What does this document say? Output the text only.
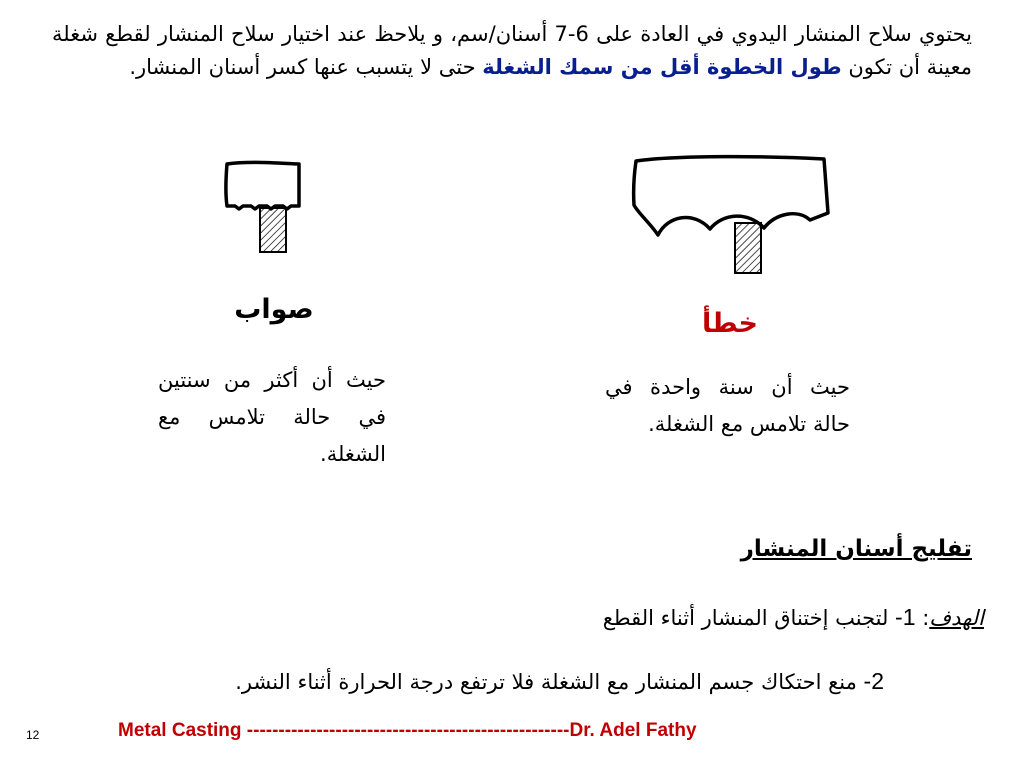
يحتوي سلاح المنشار اليدوي في العادة على 6-7 أسنان/سم، و يلاحظ عند اختيار سلاح المنشار لقطع شغلة معينة أن تكون طول الخطوة أقل من سمك الشغلة حتى لا يتسبب عنها كسر أسنان المنشار.
صواب	خطأ
حيث أن أكثر من سنتين في حالة تلامس مع الشغلة.
حيث أن سنة واحدة في حالة تلامس مع الشغلة.
تفليج أسنان المنشار
الهدف: 1- لتجنب إختناق المنشار أثناء القطع
2- منع احتكاك جسم المنشار مع الشغلة فلا ترتفع درجة الحرارة أثناء النشر.
12	Metal Casting ---------------------------------------------------Dr. Adel Fathy
